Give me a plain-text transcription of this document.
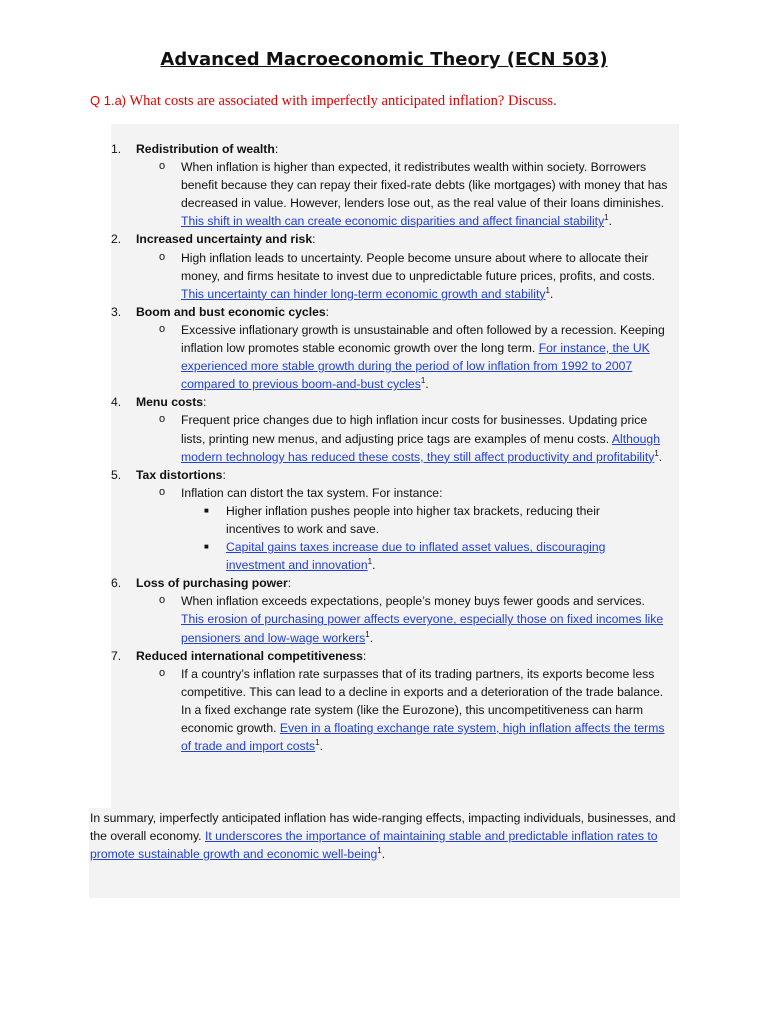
Advanced Macroeconomic Theory (ECN 503)
Q 1.a) What costs are associated with imperfectly anticipated inflation? Discuss.
1. Redistribution of wealth:
o When inflation is higher than expected, it redistributes wealth within society. Borrowers benefit because they can repay their fixed-rate debts (like mortgages) with money that has decreased in value. However, lenders lose out, as the real value of their loans diminishes. This shift in wealth can create economic disparities and affect financial stability$^1$.
2. Increased uncertainty and risk:
o High inflation leads to uncertainty. People become unsure about where to allocate their money, and firms hesitate to invest due to unpredictable future prices, profits, and costs. This uncertainty can hinder long-term economic growth and stability$^1$.
3. Boom and bust economic cycles:
o Excessive inflationary growth is unsustainable and often followed by a recession. Keeping inflation low promotes stable economic growth over the long term. For instance, the UK experienced more stable growth during the period of low inflation from 1992 to 2007 compared to previous boom-and-bust cycles$^1$.
4. Menu costs:
o Frequent price changes due to high inflation incur costs for businesses. Updating price lists, printing new menus, and adjusting price tags are examples of menu costs. Although modern technology has reduced these costs, they still affect productivity and profitability$^1$.
5. Tax distortions:
o Inflation can distort the tax system. For instance:
■ Higher inflation pushes people into higher tax brackets, reducing their incentives to work and save.
■ Capital gains taxes increase due to inflated asset values, discouraging investment and innovation$^1$.
6. Loss of purchasing power:
o When inflation exceeds expectations, people’s money buys fewer goods and services. This erosion of purchasing power affects everyone, especially those on fixed incomes like pensioners and low-wage workers$^1$.
7. Reduced international competitiveness:
o If a country’s inflation rate surpasses that of its trading partners, its exports become less competitive. This can lead to a decline in exports and a deterioration of the trade balance. In a fixed exchange rate system (like the Eurozone), this uncompetitiveness can harm economic growth. Even in a floating exchange rate system, high inflation affects the terms of trade and import costs$^1$.
In summary, imperfectly anticipated inflation has wide-ranging effects, impacting individuals, businesses, and the overall economy. It underscores the importance of maintaining stable and predictable inflation rates to promote sustainable growth and economic well-being$^1$.
